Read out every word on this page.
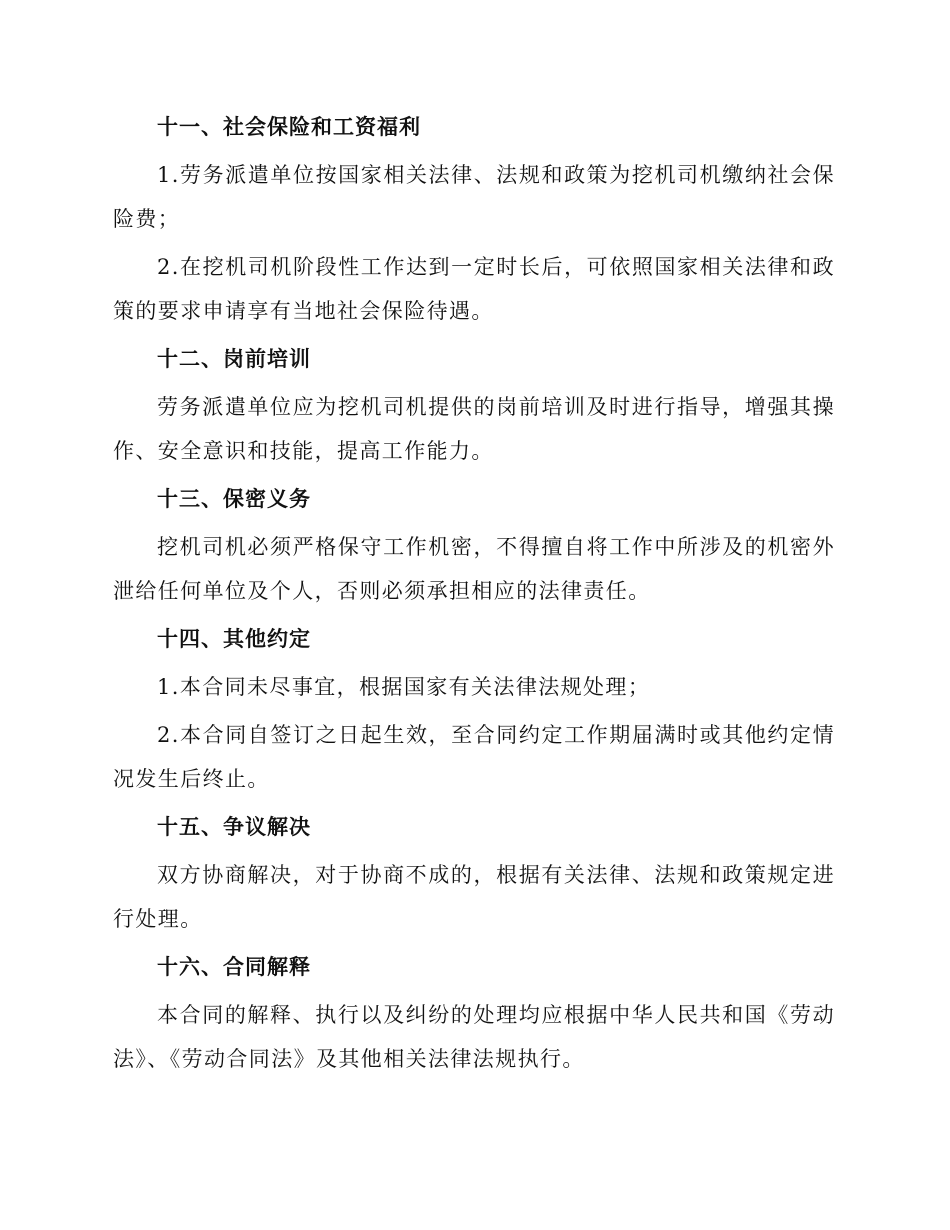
十一、社会保险和工资福利

1.劳务派遣单位按国家相关法律、法规和政策为挖机司机缴纳社会保险费；

2.在挖机司机阶段性工作达到一定时长后，可依照国家相关法律和政策的要求申请享有当地社会保险待遇。

十二、岗前培训

劳务派遣单位应为挖机司机提供的岗前培训及时进行指导，增强其操作、安全意识和技能，提高工作能力。

十三、保密义务

挖机司机必须严格保守工作机密，不得擅自将工作中所涉及的机密外泄给任何单位及个人，否则必须承担相应的法律责任。

十四、其他约定

1.本合同未尽事宜，根据国家有关法律法规处理；

2.本合同自签订之日起生效，至合同约定工作期届满时或其他约定情况发生后终止。

十五、争议解决

双方协商解决，对于协商不成的，根据有关法律、法规和政策规定进行处理。

十六、合同解释

本合同的解释、执行以及纠纷的处理均应根据中华人民共和国《劳动法》、《劳动合同法》及其他相关法律法规执行。
